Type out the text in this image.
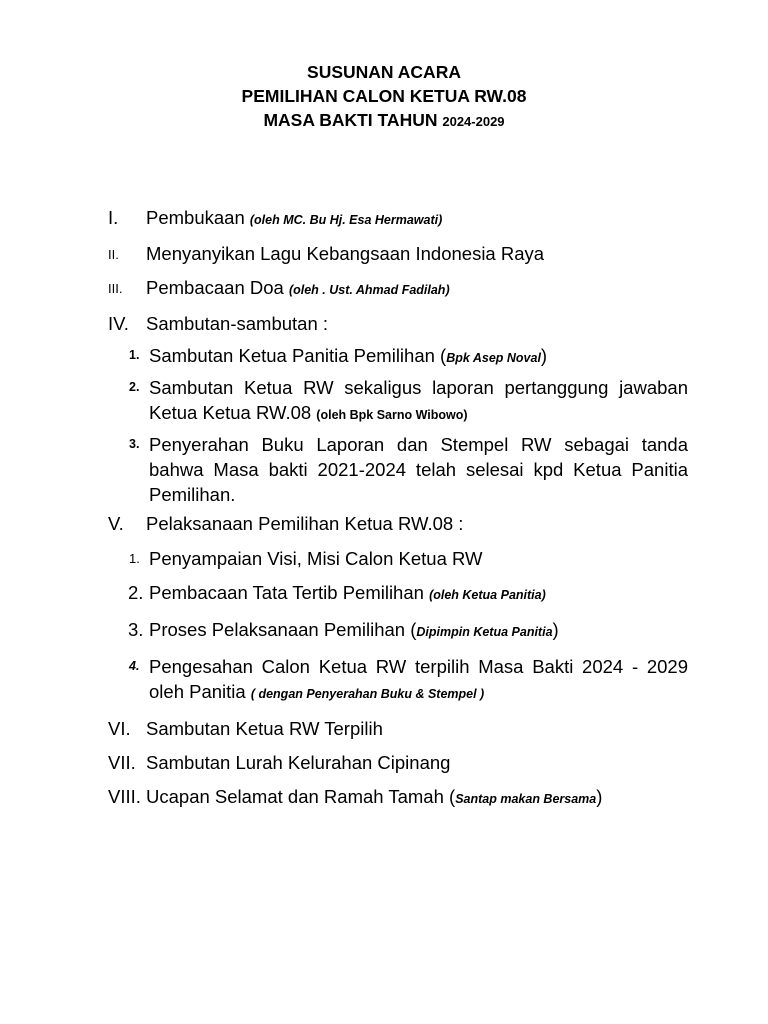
SUSUNAN ACARA
PEMILIHAN CALON KETUA RW.08
MASA BAKTI TAHUN 2024-2029
I. Pembukaan (oleh MC. Bu Hj. Esa Hermawati)
II. Menyanyikan Lagu Kebangsaan Indonesia Raya
III. Pembacaan Doa (oleh . Ust. Ahmad Fadilah)
IV. Sambutan-sambutan :
1. Sambutan Ketua Panitia Pemilihan (Bpk Asep Noval)
2. Sambutan Ketua RW sekaligus laporan pertanggung jawaban Ketua Ketua RW.08 (oleh Bpk Sarno Wibowo)
3. Penyerahan Buku Laporan dan Stempel RW sebagai tanda bahwa Masa bakti 2021-2024 telah selesai kpd Ketua Panitia Pemilihan.
V. Pelaksanaan Pemilihan Ketua RW.08 :
1. Penyampaian Visi, Misi Calon Ketua RW
2. Pembacaan Tata Tertib Pemilihan (oleh Ketua Panitia)
3. Proses Pelaksanaan Pemilihan (Dipimpin Ketua Panitia)
4. Pengesahan Calon Ketua RW terpilih Masa Bakti 2024 - 2029 oleh Panitia ( dengan Penyerahan Buku & Stempel )
VI. Sambutan Ketua RW Terpilih
VII. Sambutan Lurah Kelurahan Cipinang
VIII. Ucapan Selamat dan Ramah Tamah (Santap makan Bersama)
